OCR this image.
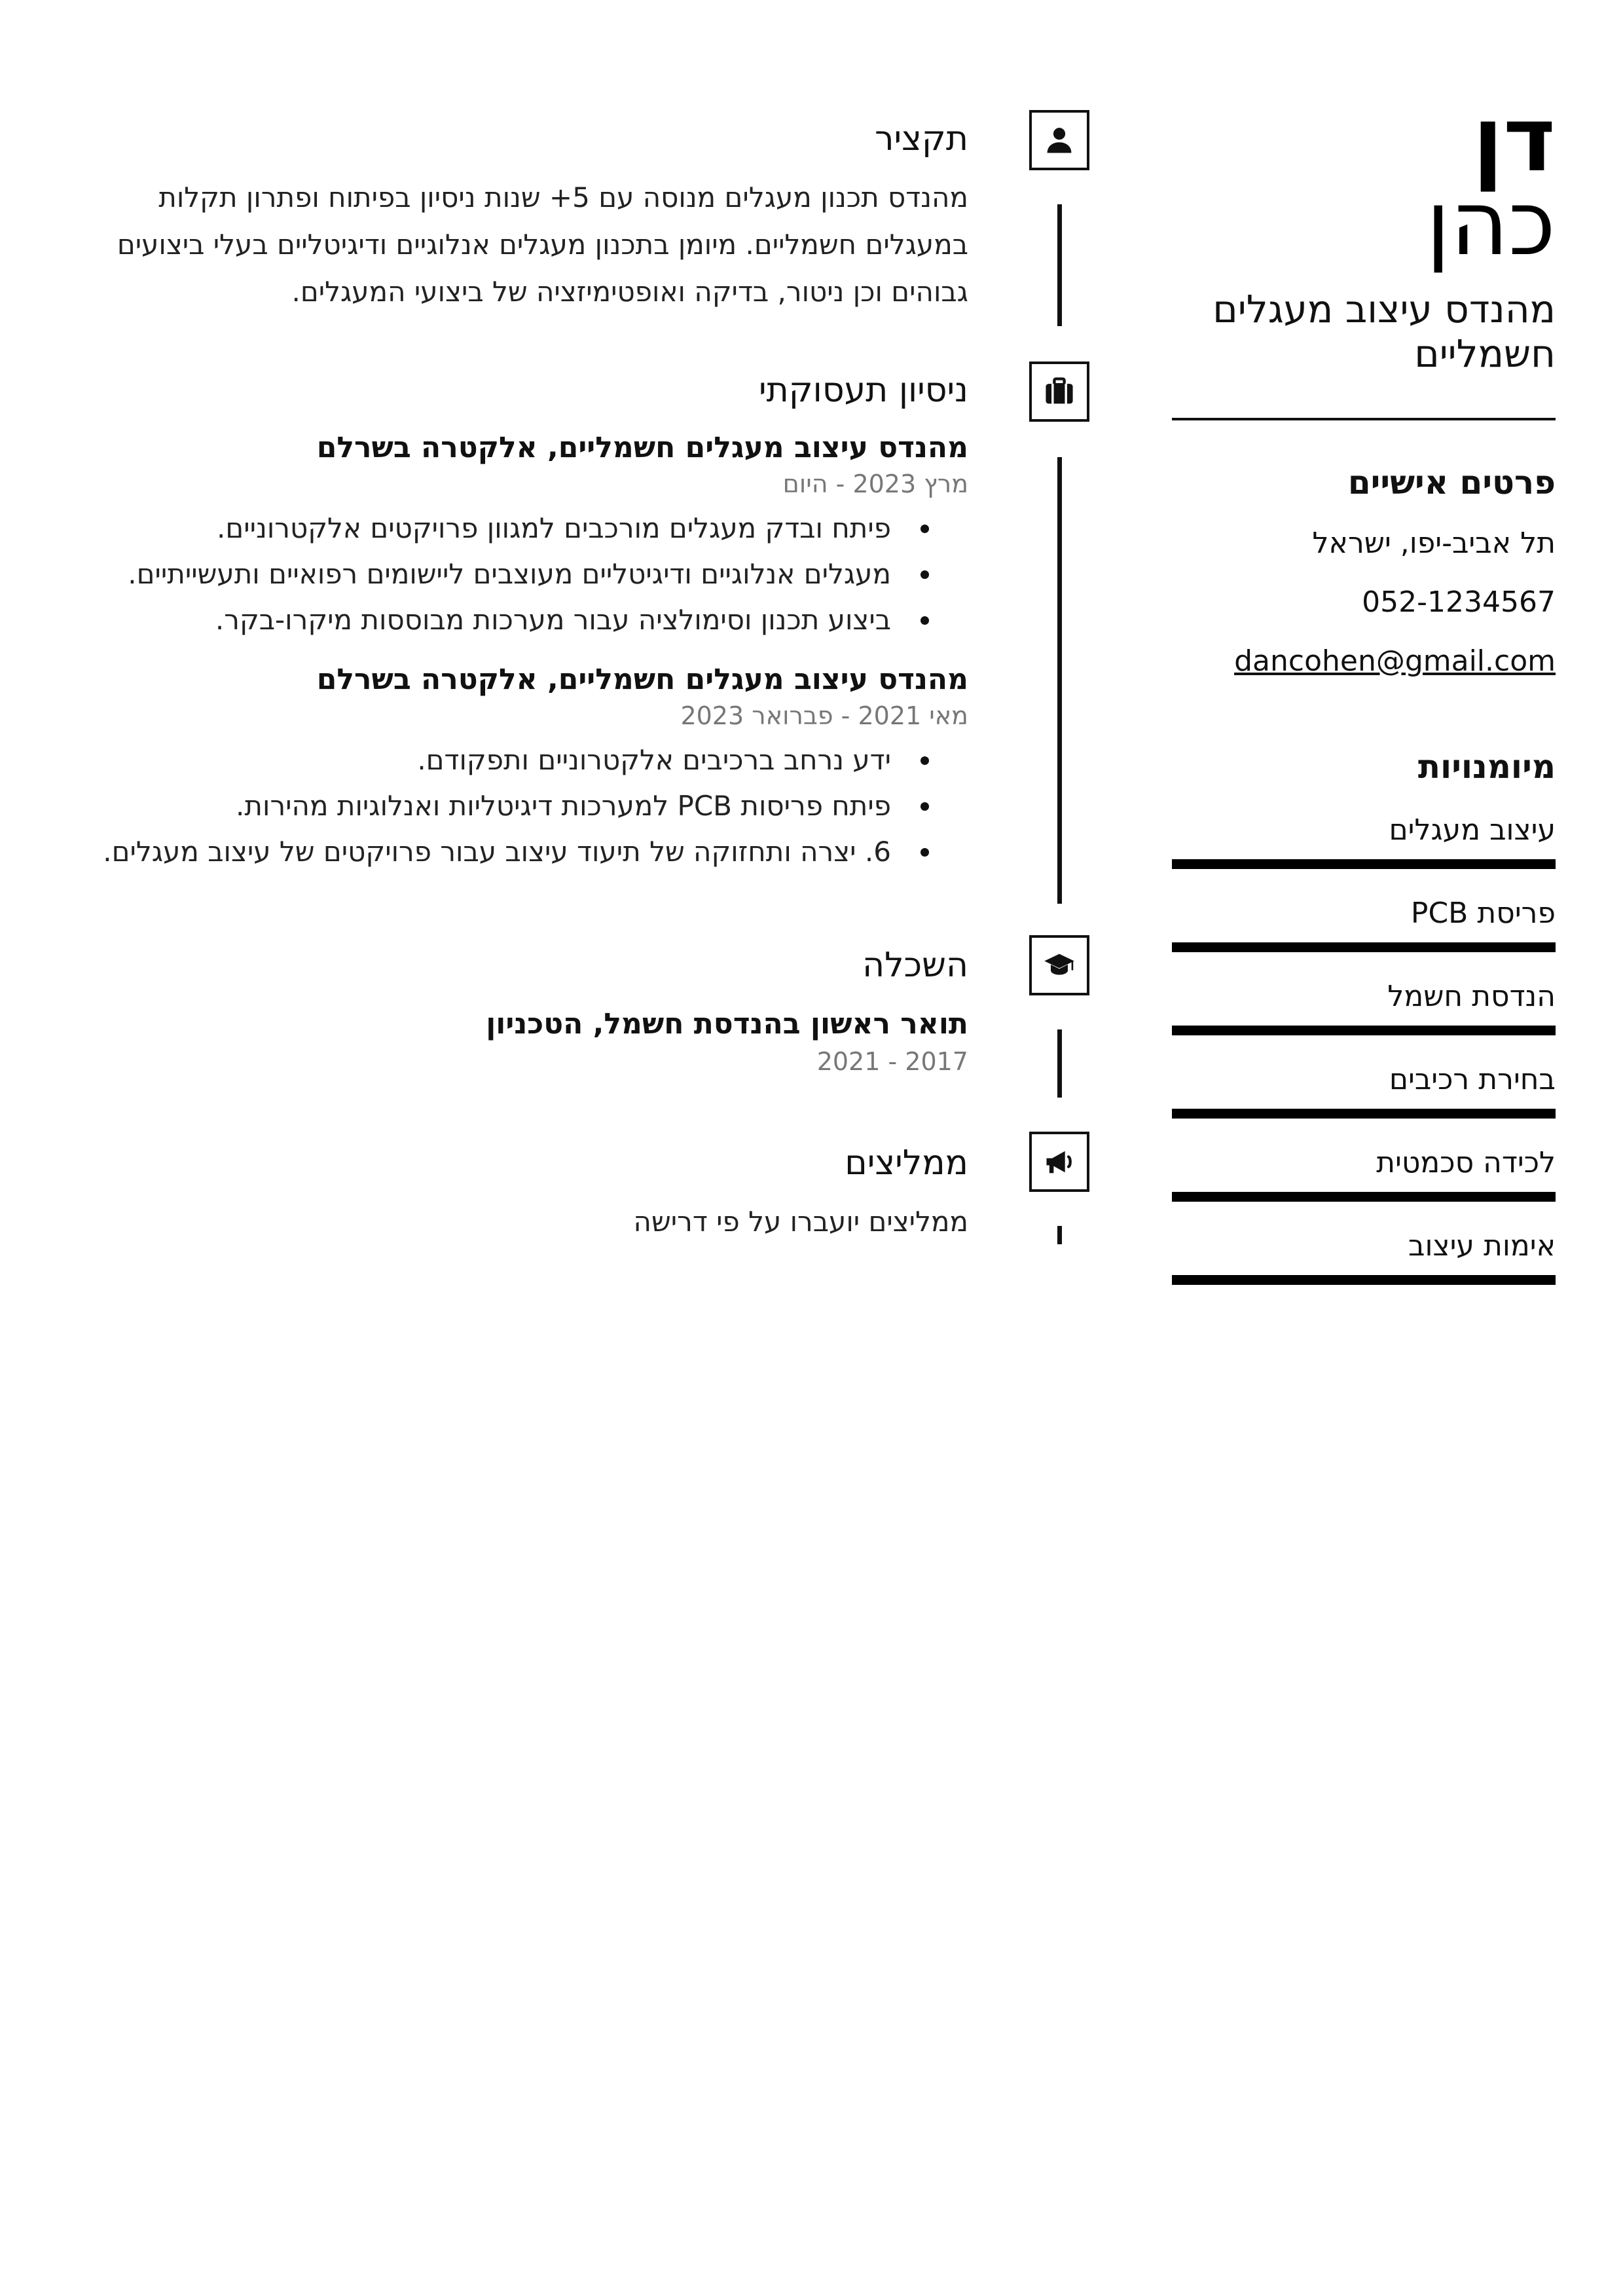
דן
כהן
מהנדס עיצוב מעגלים חשמליים
פרטים אישיים
תל אביב-יפו, ישראל
052-1234567
dancohen@gmail.com
מיומנויות
עיצוב מעגלים
פריסת PCB
הנדסת חשמל
בחירת רכיבים
לכידה סכמטית
אימות עיצוב
תקציר
מהנדס תכנון מעגלים מנוסה עם 5+ שנות ניסיון בפיתוח ופתרון תקלות במעגלים חשמליים. מיומן בתכנון מעגלים אנלוגיים ודיגיטליים בעלי ביצועים גבוהים וכן ניטור, בדיקה ואופטימיזציה של ביצועי המעגלים.
ניסיון תעסוקתי
מהנדס עיצוב מעגלים חשמליים, אלקטרה בשרלם
מרץ 2023 - היום
פיתח ובדק מעגלים מורכבים למגוון פרויקטים אלקטרוניים.
מעגלים אנלוגיים ודיגיטליים מעוצבים ליישומים רפואיים ותעשייתיים.
ביצוע תכנון וסימולציה עבור מערכות מבוססות מיקרו-בקר.
מהנדס עיצוב מעגלים חשמליים, אלקטרה בשרלם
מאי 2021 - פברואר 2023
ידע נרחב ברכיבים אלקטרוניים ותפקודם.
פיתח פריסות PCB למערכות דיגיטליות ואנלוגיות מהירות.
6. יצרה ותחזוקה של תיעוד עיצוב עבור פרויקטים של עיצוב מעגלים.
השכלה
תואר ראשון בהנדסת חשמל, הטכניון
2017 - 2021
ממליצים
ממליצים יועברו על פי דרישה
